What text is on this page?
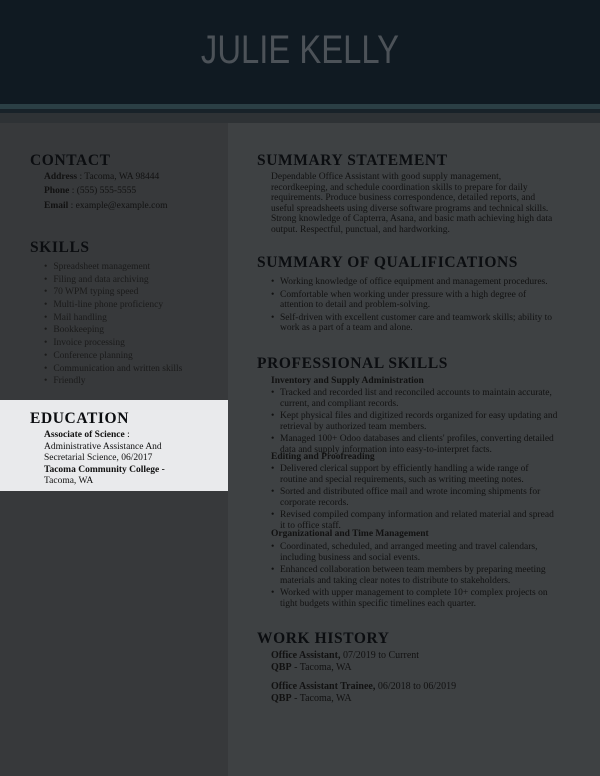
JULIE KELLY
CONTACT
Address : Tacoma, WA 98444
Phone : (555) 555-5555
Email : example@example.com
SKILLS
• Spreadsheet management
• Filing and data archiving
• 70 WPM typing speed
• Multi-line phone proficiency
• Mail handling
• Bookkeeping
• Invoice processing
• Conference planning
• Communication and written skills
• Friendly
EDUCATION
Associate of Science :
Administrative Assistance And
Secretarial Science, 06/2017
Tacoma Community College -
Tacoma, WA
SUMMARY STATEMENT
Dependable Office Assistant with good supply management,
recordkeeping, and schedule coordination skills to prepare for daily
requirements. Produce business correspondence, detailed reports, and
useful spreadsheets using diverse software programs and technical skills.
Strong knowledge of Capterra, Asana, and basic math achieving high data
output. Respectful, punctual, and hardworking.
SUMMARY OF QUALIFICATIONS
• Working knowledge of office equipment and management procedures.
• Comfortable when working under pressure with a high degree of
attention to detail and problem-solving.
• Self-driven with excellent customer care and teamwork skills; ability to
work as a part of a team and alone.
PROFESSIONAL SKILLS
Inventory and Supply Administration
• Tracked and recorded list and reconciled accounts to maintain accurate,
current, and compliant records.
• Kept physical files and digitized records organized for easy updating and
retrieval by authorized team members.
• Managed 100+ Odoo databases and clients' profiles, converting detailed
data and supply information into easy-to-interpret facts.
Editing and Proofreading
• Delivered clerical support by efficiently handling a wide range of
routine and special requirements, such as writing meeting notes.
• Sorted and distributed office mail and wrote incoming shipments for
corporate records.
• Revised compiled company information and related material and spread
it to office staff.
Organizational and Time Management
• Coordinated, scheduled, and arranged meeting and travel calendars,
including business and social events.
• Enhanced collaboration between team members by preparing meeting
materials and taking clear notes to distribute to stakeholders.
• Worked with upper management to complete 10+ complex projects on
tight budgets within specific timelines each quarter.
WORK HISTORY
Office Assistant, 07/2019 to Current
QBP - Tacoma, WA
Office Assistant Trainee, 06/2018 to 06/2019
QBP - Tacoma, WA
